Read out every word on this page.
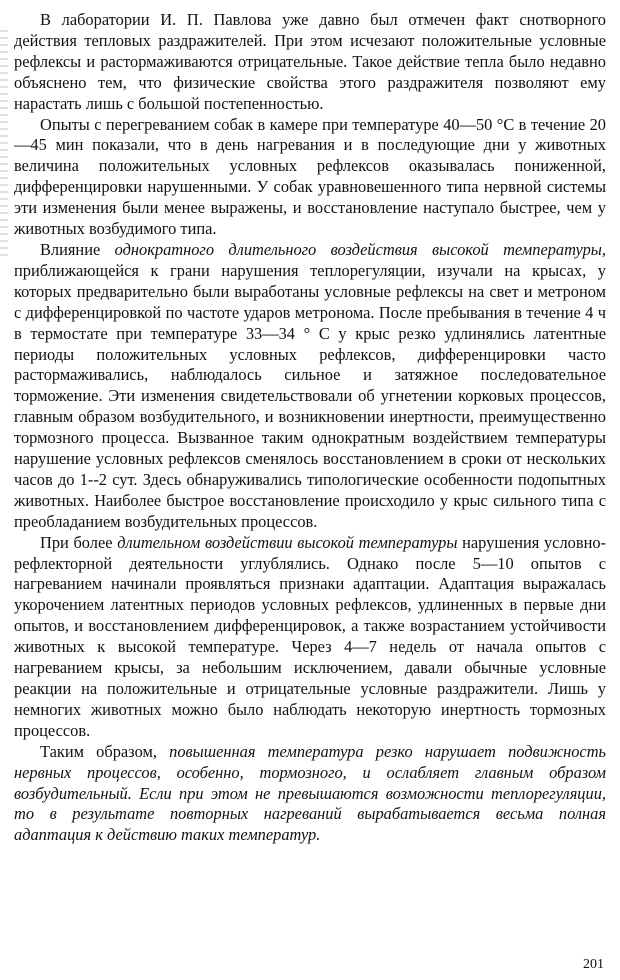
В лаборатории И. П. Павлова уже давно был отмечен факт снотворного действия тепловых раздражителей. При этом исчезают положительные условные рефлексы и растормаживаются отрицательные. Такое действие тепла было недавно объяснено тем, что физические свойства этого раздражителя позволяют ему нарастать лишь с большой постепенностью.

Опыты с перегреванием собак в камере при температуре 40—50 °С в течение 20—45 мин показали, что в день нагревания и в последующие дни у животных величина положительных условных рефлексов оказывалась пониженной, дифференцировки нарушенными. У собак уравновешенного типа нервной системы эти изменения были менее выражены, и восстановление наступало быстрее, чем у животных возбудимого типа.

Влияние однократного длительного воздействия высокой температуры, приближающейся к грани нарушения теплорегуляции, изучали на крысах, у которых предварительно были выработаны условные рефлексы на свет и метроном с дифференцировкой по частоте ударов метронома. После пребывания в течение 4 ч в термостате при температуре 33—34 ° С у крыс резко удлинялись латентные периоды положительных условных рефлексов, дифференцировки часто растормаживались, наблюдалось сильное и затяжное последовательное торможение. Эти изменения свидетельствовали об угнетении корковых процессов, главным образом возбудительного, и возникновении инертности, преимущественно тормозного процесса. Вызванное таким однократным воздействием температуры нарушение условных рефлексов сменялось восстановлением в сроки от нескольких часов до 1--2 сут. Здесь обнаруживались типологические особенности подопытных животных. Наиболее быстрое восстановление происходило у крыс сильного типа с преобладанием возбудительных процессов.

При более длительном воздействии высокой температуры нарушения условно-рефлекторной деятельности углублялись. Однако после 5—10 опытов с нагреванием начинали проявляться признаки адаптации. Адаптация выражалась укорочением латентных периодов условных рефлексов, удлиненных в первые дни опытов, и восстановлением дифференцировок, а также возрастанием устойчивости животных к высокой температуре. Через 4—7 недель от начала опытов с нагреванием крысы, за небольшим исключением, давали обычные условные реакции на положительные и отрицательные условные раздражители. Лишь у немногих животных можно было наблюдать некоторую инертность тормозных процессов.

Таким образом, повышенная температура резко нарушает подвижность нервных процессов, особенно, тормозного, и ослабляет главным образом возбудительный. Если при этом не превышаются возможности теплорегуляции, то в результате повторных нагреваний вырабатывается весьма полная адаптация к действию таких температур.

201
